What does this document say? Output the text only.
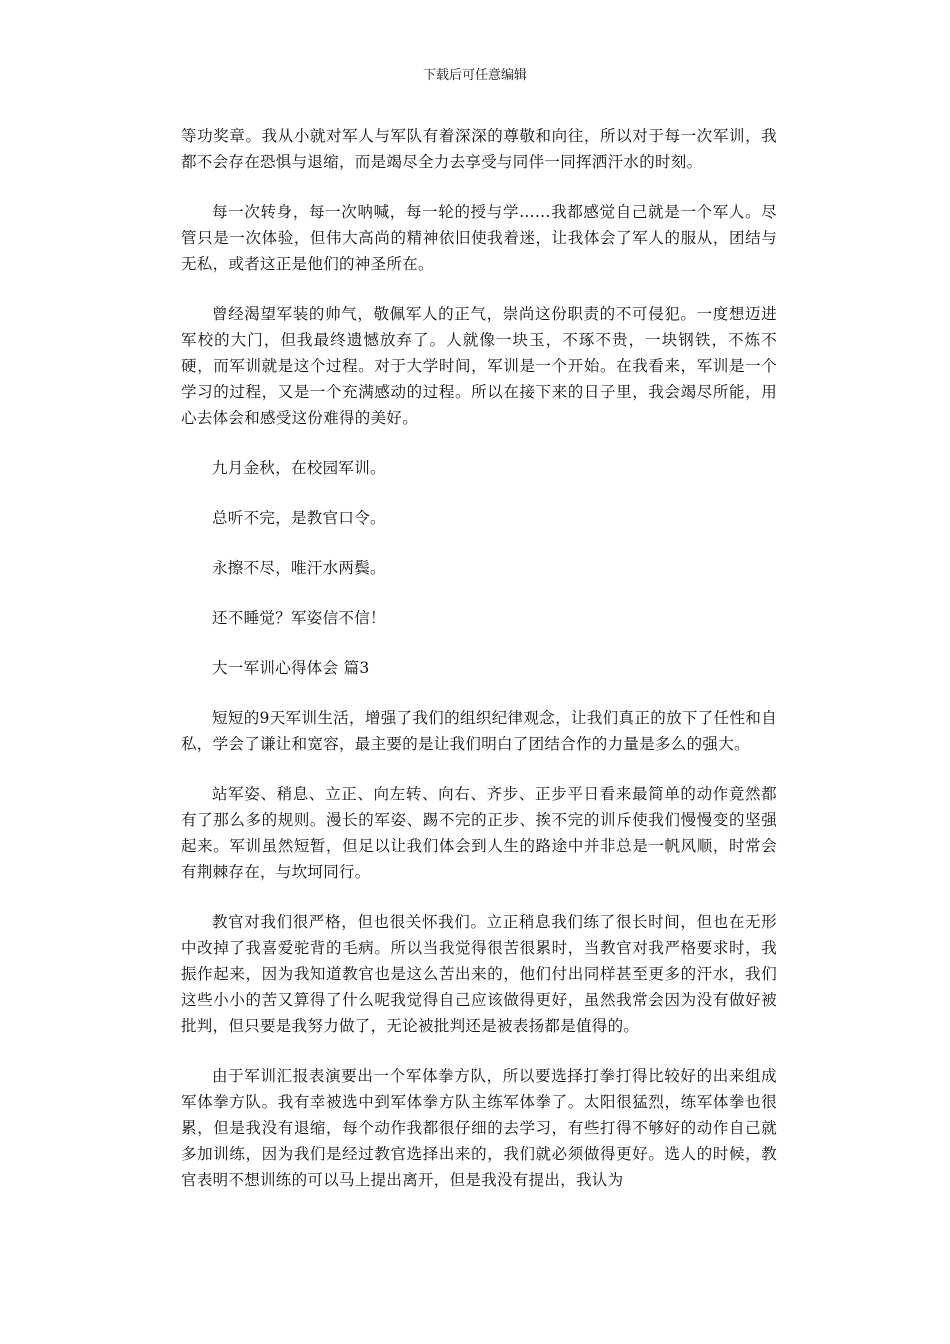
下载后可任意编辑

等功奖章。我从小就对军人与军队有着深深的尊敬和向往，所以对于每一次军训，我都不会存在恐惧与退缩，而是竭尽全力去享受与同伴一同挥洒汗水的时刻。

每一次转身，每一次呐喊，每一轮的授与学……我都感觉自己就是一个军人。尽管只是一次体验，但伟大高尚的精神依旧使我着迷，让我体会了军人的服从，团结与无私，或者这正是他们的神圣所在。

曾经渴望军装的帅气，敬佩军人的正气，崇尚这份职责的不可侵犯。一度想迈进军校的大门，但我最终遗憾放弃了。人就像一块玉，不琢不贵，一块钢铁，不炼不硬，而军训就是这个过程。对于大学时间，军训是一个开始。在我看来，军训是一个学习的过程，又是一个充满感动的过程。所以在接下来的日子里，我会竭尽所能，用心去体会和感受这份难得的美好。

九月金秋，在校园军训。

总听不完，是教官口令。

永擦不尽，唯汗水两鬓。

还不睡觉？军姿信不信！

大一军训心得体会 篇3

短短的9天军训生活，增强了我们的组织纪律观念，让我们真正的放下了任性和自私，学会了谦让和宽容，最主要的是让我们明白了团结合作的力量是多么的强大。

站军姿、稍息、立正、向左转、向右、齐步、正步平日看来最简单的动作竟然都有了那么多的规则。漫长的军姿、踢不完的正步、挨不完的训斥使我们慢慢变的坚强起来。军训虽然短暂，但足以让我们体会到人生的路途中并非总是一帆风顺，时常会有荆棘存在，与坎坷同行。

教官对我们很严格，但也很关怀我们。立正稍息我们练了很长时间，但也在无形中改掉了我喜爱驼背的毛病。所以当我觉得很苦很累时，当教官对我严格要求时，我振作起来，因为我知道教官也是这么苦出来的，他们付出同样甚至更多的汗水，我们这些小小的苦又算得了什么呢我觉得自己应该做得更好，虽然我常会因为没有做好被批判，但只要是我努力做了，无论被批判还是被表扬都是值得的。

由于军训汇报表演要出一个军体拳方队，所以要选择打拳打得比较好的出来组成军体拳方队。我有幸被选中到军体拳方队主练军体拳了。太阳很猛烈，练军体拳也很累，但是我没有退缩，每个动作我都很仔细的去学习，有些打得不够好的动作自己就多加训练，因为我们是经过教官选择出来的，我们就必须做得更好。选人的时候，教官表明不想训练的可以马上提出离开，但是我没有提出，我认为
